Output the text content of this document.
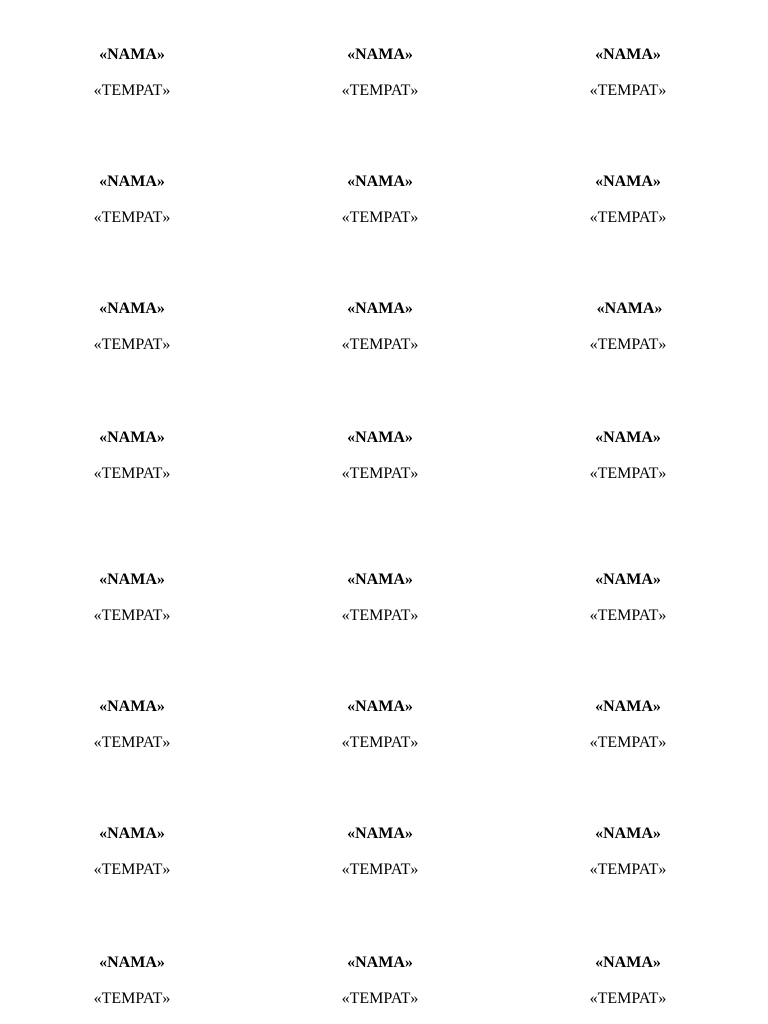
«NAMA»
«TEMPAT»
«NAMA»
«TEMPAT»
«NAMA»
«TEMPAT»
«NAMA»
«TEMPAT»
«NAMA»
«TEMPAT»
«NAMA»
«TEMPAT»
«NAMA»
«TEMPAT»
«NAMA»
«TEMPAT»
«NAMA»
«TEMPAT»
«NAMA»
«TEMPAT»
«NAMA»
«TEMPAT»
«NAMA»
«TEMPAT»
«NAMA»
«TEMPAT»
«NAMA»
«TEMPAT»
«NAMA»
«TEMPAT»
«NAMA»
«TEMPAT»
«NAMA»
«TEMPAT»
«NAMA»
«TEMPAT»
«NAMA»
«TEMPAT»
«NAMA»
«TEMPAT»
«NAMA»
«TEMPAT»
«NAMA»
«TEMPAT»
«NAMA»
«TEMPAT»
«NAMA»
«TEMPAT»
